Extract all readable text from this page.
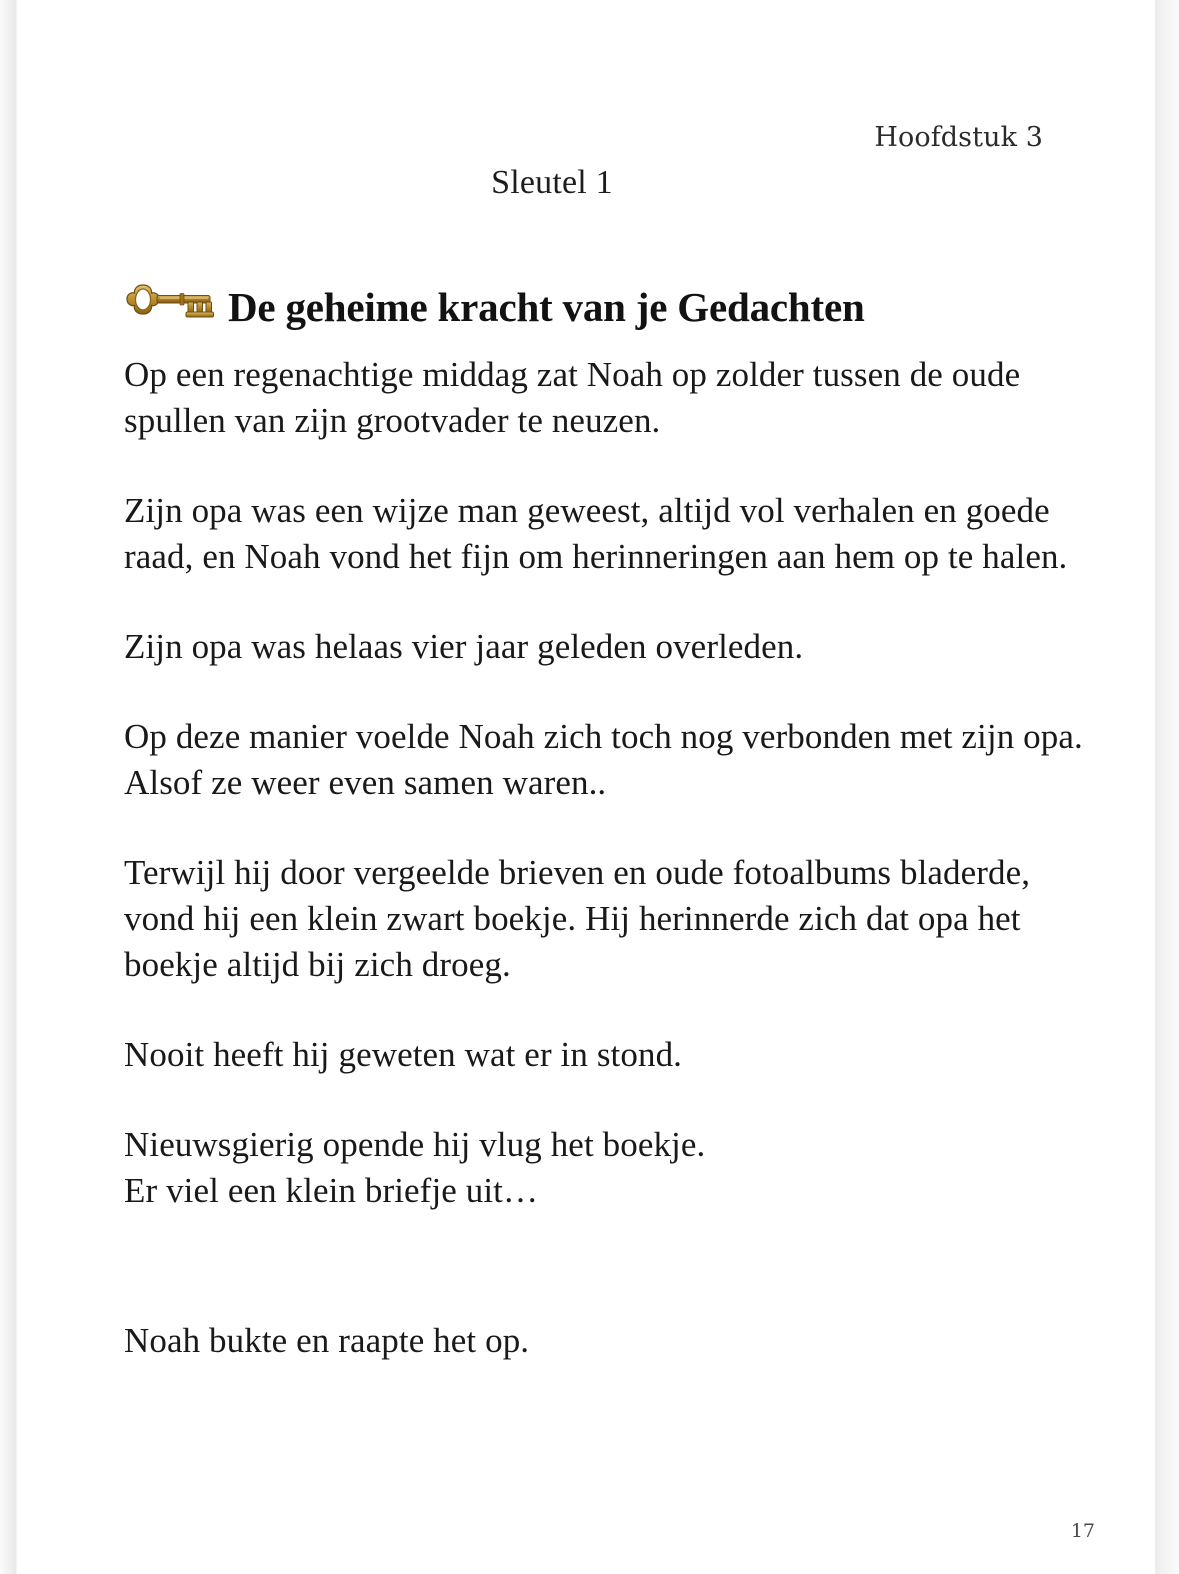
Hoofdstuk 3
Sleutel 1
De geheime kracht van je Gedachten

Op een regenachtige middag zat Noah op zolder tussen de oude spullen van zijn grootvader te neuzen.

Zijn opa was een wijze man geweest, altijd vol verhalen en goede raad, en Noah vond het fijn om herinneringen aan hem op te halen.

Zijn opa was helaas vier jaar geleden overleden.

Op deze manier voelde Noah zich toch nog verbonden met zijn opa. Alsof ze weer even samen waren..

Terwijl hij door vergeelde brieven en oude fotoalbums bladerde, vond hij een klein zwart boekje. Hij herinnerde zich dat opa het boekje altijd bij zich droeg.

Nooit heeft hij geweten wat er in stond.

Nieuwsgierig opende hij vlug het boekje.

Er viel een klein briefje uit…

Noah bukte en raapte het op.

17
